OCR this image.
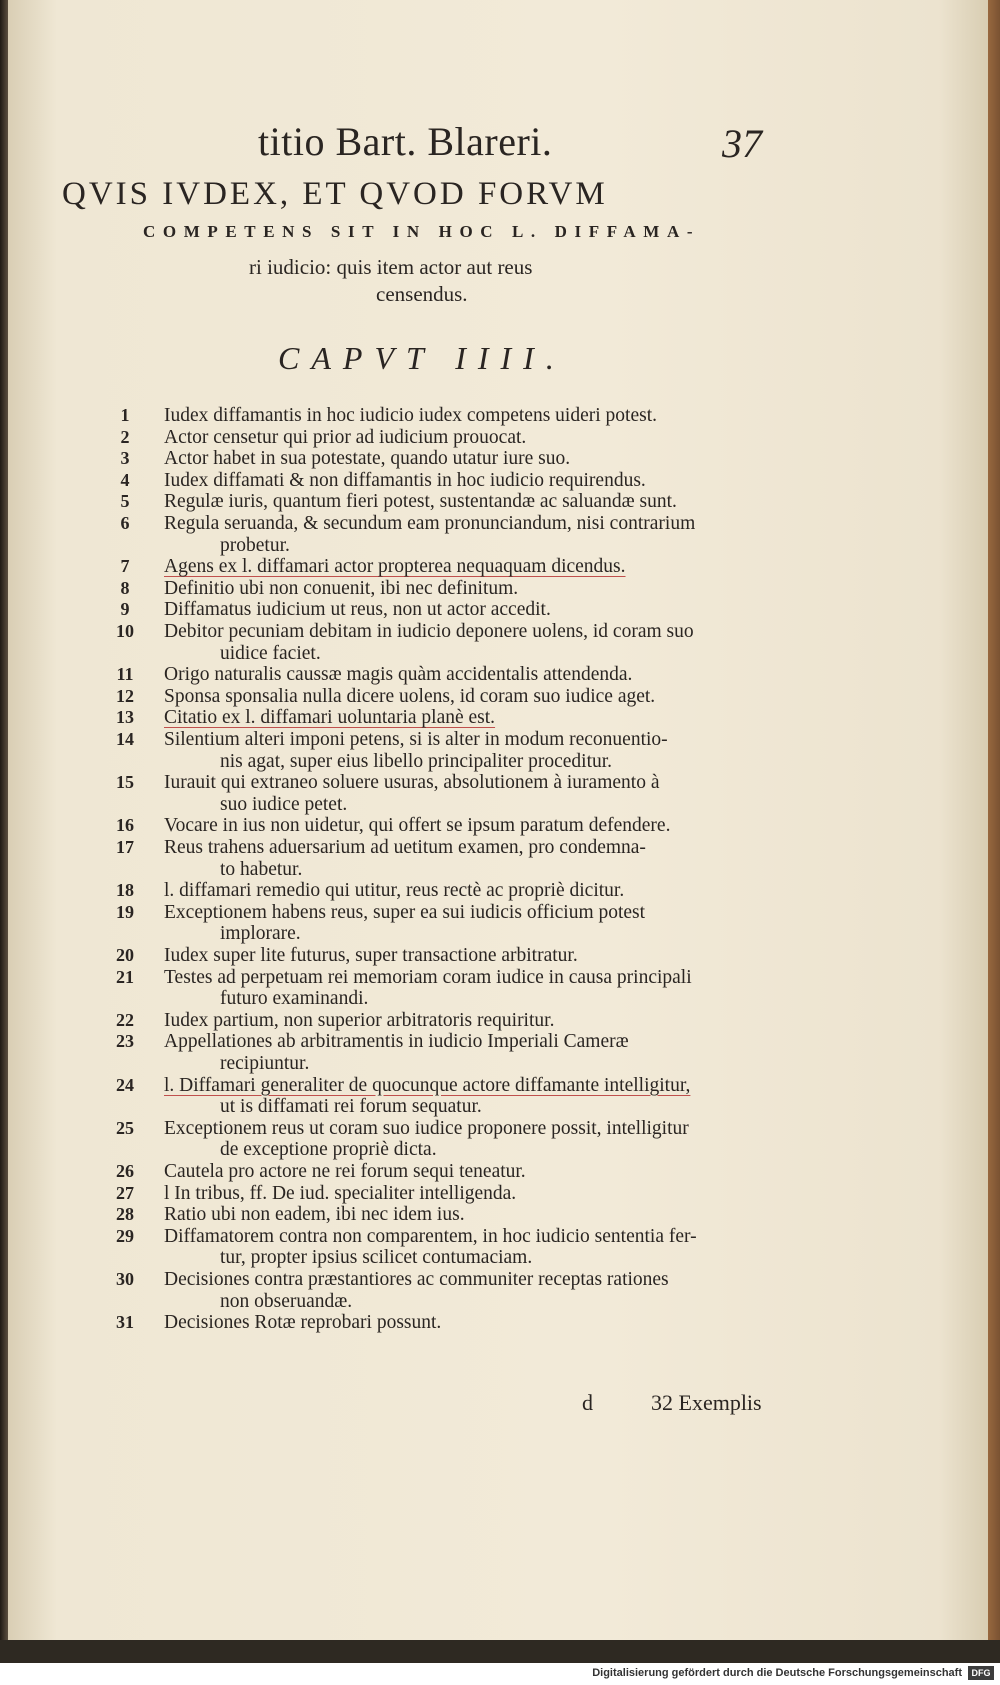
titio Bart. Blareri.	37
QVIS IVDEX, ET QVOD FORVM
COMPETENS SIT IN HOC L. DIFFAMA-
ri iudicio: quis item actor aut reus
censendus.
CAPVT IIII.
1	Iudex diffamantis in hoc iudicio iudex competens uideri potest.
2	Actor censetur qui prior ad iudicium prouocat.
3	Actor habet in sua potestate, quando utatur iure suo.
4	Iudex diffamati & non diffamantis in hoc iudicio requirendus.
5	Regulæ iuris, quantum fieri potest, sustentandæ ac saluandæ sunt.
6	Regula seruanda, & secundum eam pronunciandum, nisi contrarium
probetur.
7	Agens ex l. diffamari actor propterea nequaquam dicendus.
8	Definitio ubi non conuenit, ibi nec definitum.
9	Diffamatus iudicium ut reus, non ut actor accedit.
10	Debitor pecuniam debitam in iudicio deponere uolens, id coram suo
uidice faciet.
11	Origo naturalis caussæ magis quàm accidentalis attendenda.
12	Sponsa sponsalia nulla dicere uolens, id coram suo iudice aget.
13	Citatio ex l. diffamari uoluntaria planè est.
14	Silentium alteri imponi petens, si is alter in modum reconuentio-
nis agat, super eius libello principaliter proceditur.
15	Iurauit qui extraneo soluere usuras, absolutionem à iuramento à
suo iudice petet.
16	Vocare in ius non uidetur, qui offert se ipsum paratum defendere.
17	Reus trahens aduersarium ad uetitum examen, pro condemna-
to habetur.
18	l. diffamari remedio qui utitur, reus rectè ac propriè dicitur.
19	Exceptionem habens reus, super ea sui iudicis officium potest
implorare.
20	Iudex super lite futurus, super transactione arbitratur.
21	Testes ad perpetuam rei memoriam coram iudice in causa principali
futuro examinandi.
22	Iudex partium, non superior arbitratoris requiritur.
23	Appellationes ab arbitramentis in iudicio Imperiali Cameræ
recipiuntur.
24	l. Diffamari generaliter de quocunque actore diffamante intelligitur,
ut is diffamati rei forum sequatur.
25	Exceptionem reus ut coram suo iudice proponere possit, intelligitur
de exceptione propriè dicta.
26	Cautela pro actore ne rei forum sequi teneatur.
27	l In tribus, ff. De iud. specialiter intelligenda.
28	Ratio ubi non eadem, ibi nec idem ius.
29	Diffamatorem contra non comparentem, in hoc iudicio sententia fer-
tur, propter ipsius scilicet contumaciam.
30	Decisiones contra præstantiores ac communiter receptas rationes
non obseruandæ.
31	Decisiones Rotæ reprobari possunt.
d	32 Exemplis
Digitalisierung gefördert durch die Deutsche Forschungsgemeinschaft	DFG
